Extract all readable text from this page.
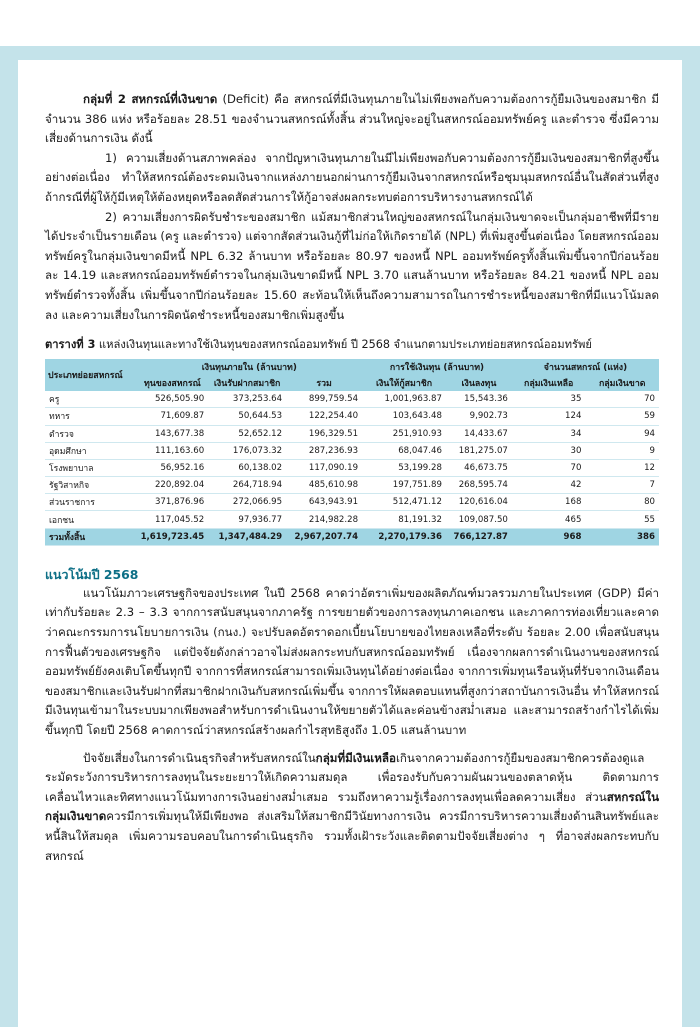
กลุ่มที่ 2 สหกรณ์ที่เงินขาด (Deficit) คือ สหกรณ์ที่มีเงินทุนภายในไม่เพียงพอกับความต้องการกู้ยืมเงินของสมาชิก มีจำนวน 386 แห่ง หรือร้อยละ 28.51 ของจำนวนสหกรณ์ทั้งสิ้น ส่วนใหญ่จะอยู่ในสหกรณ์ออมทรัพย์ครู และตำรวจ ซึ่งมีความเสี่ยงด้านการเงิน ดังนี้

1) ความเสี่ยงด้านสภาพคล่อง จากปัญหาเงินทุนภายในมีไม่เพียงพอกับความต้องการกู้ยืมเงินของสมาชิกที่สูงขึ้นอย่างต่อเนื่อง ทำให้สหกรณ์ต้องระดมเงินจากแหล่งภายนอกผ่านการกู้ยืมเงินจากสหกรณ์หรือชุมนุมสหกรณ์อื่นในสัดส่วนที่สูง ถ้ากรณีที่ผู้ให้กู้มีเหตุให้ต้องหยุดหรือลดสัดส่วนการให้กู้อาจส่งผลกระทบต่อการบริหารงานสหกรณ์ได้

2) ความเสี่ยงการผิดรับชำระของสมาชิก แม้สมาชิกส่วนใหญ่ของสหกรณ์ในกลุ่มเงินขาดจะเป็นกลุ่มอาชีพที่มีรายได้ประจำเป็นรายเดือน (ครู และตำรวจ) แต่จากสัดส่วนเงินกู้ที่ไม่ก่อให้เกิดรายได้ (NPL) ที่เพิ่มสูงขึ้นต่อเนื่อง โดยสหกรณ์ออมทรัพย์ครูในกลุ่มเงินขาดมีหนี้ NPL 6.32 ล้านบาท หรือร้อยละ 80.97 ของหนี้ NPL ออมทรัพย์ครูทั้งสิ้นเพิ่มขึ้นจากปีก่อนร้อยละ 14.19 และสหกรณ์ออมทรัพย์ตำรวจในกลุ่มเงินขาดมีหนี้ NPL 3.70 แสนล้านบาท หรือร้อยละ 84.21 ของหนี้ NPL ออมทรัพย์ตำรวจทั้งสิ้น เพิ่มขึ้นจากปีก่อนร้อยละ 15.60 สะท้อนให้เห็นถึงความสามารถในการชำระหนี้ของสมาชิกที่มีแนวโน้มลดลง และความเสี่ยงในการผิดนัดชำระหนี้ของสมาชิกเพิ่มสูงขึ้น

ตารางที่ 3 แหล่งเงินทุนและทางใช้เงินทุนของสหกรณ์ออมทรัพย์ ปี 2568 จำแนกตามประเภทย่อยสหกรณ์ออมทรัพย์
ประเภทย่อยสหกรณ์	เงินทุนภายใน (ล้านบาท)			การใช้เงินทุน (ล้านบาท)		จำนวนสหกรณ์ (แห่ง)	
	ทุนของสหกรณ์	เงินรับฝากสมาชิก	รวม	เงินให้กู้สมาชิก	เงินลงทุน	กลุ่มเงินเหลือ	กลุ่มเงินขาด
ครู	526,505.90	373,253.64	899,759.54	1,001,963.87	15,543.36	35	70
ทหาร	71,609.87	50,644.53	122,254.40	103,643.48	9,902.73	124	59
ตำรวจ	143,677.38	52,652.12	196,329.51	251,910.93	14,433.67	34	94
อุดมศึกษา	111,163.60	176,073.32	287,236.93	68,047.46	181,275.07	30	9
โรงพยาบาล	56,952.16	60,138.02	117,090.19	53,199.28	46,673.75	70	12
รัฐวิสาหกิจ	220,892.04	264,718.94	485,610.98	197,751.89	268,595.74	42	7
ส่วนราชการ	371,876.96	272,066.95	643,943.91	512,471.12	120,616.04	168	80
เอกชน	117,045.52	97,936.77	214,982.28	81,191.32	109,087.50	465	55
รวมทั้งสิ้น	1,619,723.45	1,347,484.29	2,967,207.74	2,270,179.36	766,127.87	968	386
แนวโน้มปี 2568

แนวโน้มภาวะเศรษฐกิจของประเทศ ในปี 2568 คาดว่าอัตราเพิ่มของผลิตภัณฑ์มวลรวมภายในประเทศ (GDP) มีค่าเท่ากับร้อยละ 2.3 – 3.3 จากการสนับสนุนจากภาครัฐ การขยายตัวของการลงทุนภาคเอกชน และภาคการท่องเที่ยวและคาดว่าคณะกรรมการนโยบายการเงิน (กนง.) จะปรับลดอัตราดอกเบี้ยนโยบายของไทยลงเหลือที่ระดับ ร้อยละ 2.00 เพื่อสนับสนุนการฟื้นตัวของเศรษฐกิจ แต่ปัจจัยดังกล่าวอาจไม่ส่งผลกระทบกับสหกรณ์ออมทรัพย์ เนื่องจากผลการดำเนินงานของสหกรณ์ออมทรัพย์ยังคงเติบโตขึ้นทุกปี จากการที่สหกรณ์สามารถเพิ่มเงินทุนได้อย่างต่อเนื่อง จากการเพิ่มทุนเรือนหุ้นที่รับจากเงินเดือนของสมาชิกและเงินรับฝากที่สมาชิกฝากเงินกับสหกรณ์เพิ่มขึ้น จากการให้ผลตอบแทนที่สูงกว่าสถาบันการเงินอื่น ทำให้สหกรณ์มีเงินทุนเข้ามาในระบบมากเพียงพอสำหรับการดำเนินงานให้ขยายตัวได้และค่อนข้างสม่ำเสมอ และสามารถสร้างกำไรได้เพิ่มขึ้นทุกปี โดยปี 2568 คาดการณ์ว่าสหกรณ์สร้างผลกำไรสุทธิสูงถึง 1.05 แสนล้านบาท

ปัจจัยเสี่ยงในการดำเนินธุรกิจสำหรับสหกรณ์ในกลุ่มที่มีเงินเหลือเกินจากความต้องการกู้ยืมของสมาชิกควรต้องดูแลระมัดระวังการบริหารการลงทุนในระยะยาวให้เกิดความสมดุล เพื่อรองรับกับความผันผวนของตลาดหุ้น ติดตามการเคลื่อนไหวและทิศทางแนวโน้มทางการเงินอย่างสม่ำเสมอ รวมถึงหาความรู้เรื่องการลงทุนเพื่อลดความเสี่ยง ส่วนสหกรณ์ในกลุ่มเงินขาดควรมีการเพิ่มทุนให้มีเพียงพอ ส่งเสริมให้สมาชิกมีวินัยทางการเงิน ควรมีการบริหารความเสี่ยงด้านสินทรัพย์และหนี้สินให้สมดุล เพิ่มความรอบคอบในการดำเนินธุรกิจ รวมทั้งเฝ้าระวังและติดตามปัจจัยเสี่ยงต่าง ๆ ที่อาจส่งผลกระทบกับสหกรณ์
